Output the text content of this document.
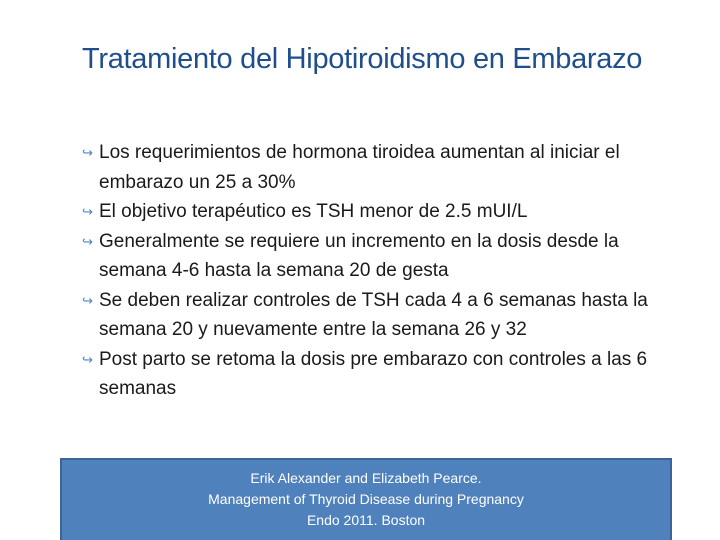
Tratamiento del Hipotiroidismo en Embarazo
↪ Los requerimientos de hormona tiroidea aumentan al iniciar el embarazo un 25 a 30%
↪ El objetivo terapéutico es TSH menor de 2.5 mUI/L
↪ Generalmente se requiere un incremento en la dosis desde la semana 4-6 hasta la semana 20 de gesta
↪ Se deben realizar controles de TSH cada 4 a 6 semanas hasta la semana 20 y nuevamente entre la semana 26 y 32
↪ Post parto se retoma la dosis pre embarazo con controles a las 6 semanas
Erik Alexander and Elizabeth Pearce.
Management of Thyroid Disease during Pregnancy
Endo 2011. Boston
